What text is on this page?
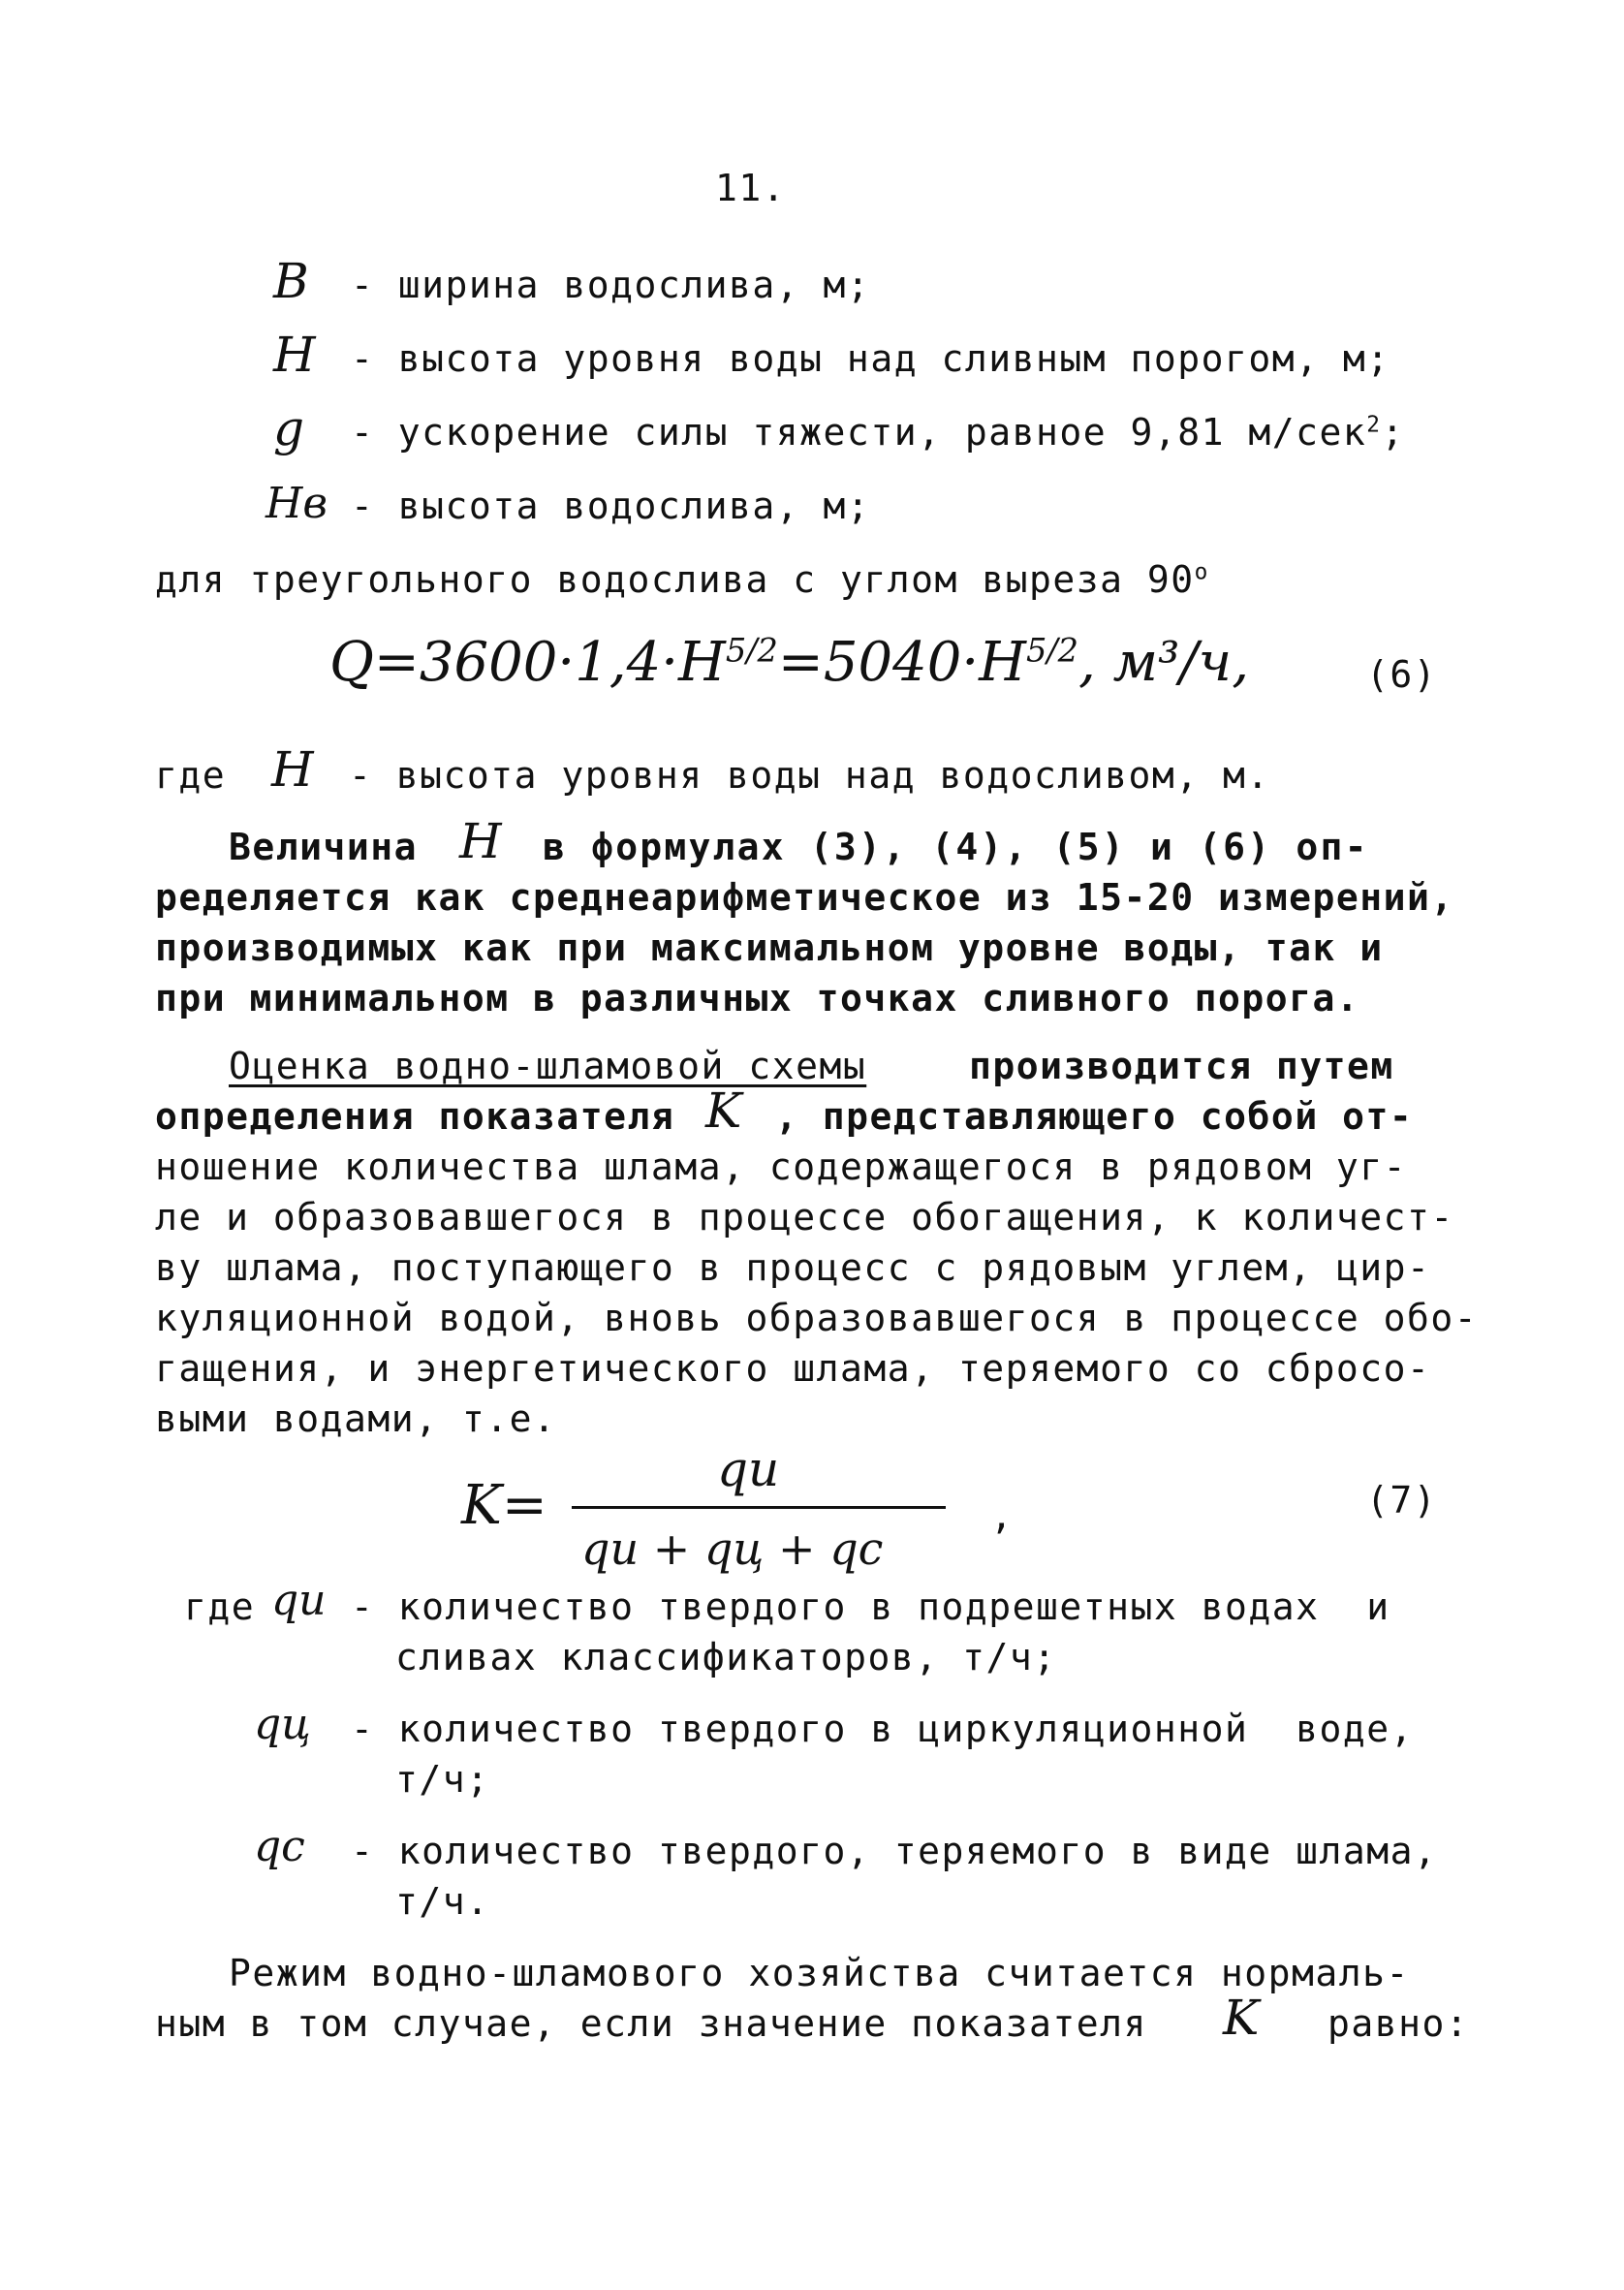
11.
B - ширина водослива, м;
H - высота уровня воды над сливным порогом, м;
g - ускорение силы тяжести, равное 9,81 м/сек$^2$;
Hв - высота водослива, м;
для треугольного водослива с углом выреза 90$^o$
$Q=3600\cdot 1,4\cdot H^{5/2}=5040\cdot H^{5/2}$, м³/ч,	(6)
где H - высота уровня воды над водосливом, м.
Величина H в формулах (3), (4), (5) и (6) оп-
ределяется как среднеарифметическое из 15-20 измерений,
производимых как при максимальном уровне воды, так и
при минимальном в различных точках сливного порога.
Оценка водно-шламовой схемы	производится путем
определения показателя K , представляющего собой от-
ношение количества шлама, содержащегося в рядовом уг-
ле и образовавшегося в процессе обогащения, к количест-
ву шлама, поступающего в процесс с рядовым углем, цир-
куляционной водой, вновь образовавшегося в процессе обо-
гащения, и энергетического шлама, теряемого со сбросо-
выми водами, т.е.
K=
qи
qи + qц + qс
,	(7)
где qи - количество твердого в подрешетных водах  и
сливах классификаторов, т/ч;
qц - количество твердого в циркуляционной  воде,
т/ч;
qс - количество твердого, теряемого в виде шлама,
т/ч.
Режим водно-шламового хозяйства считается нормаль-
ным в том случае, если значение показателя K равно:
